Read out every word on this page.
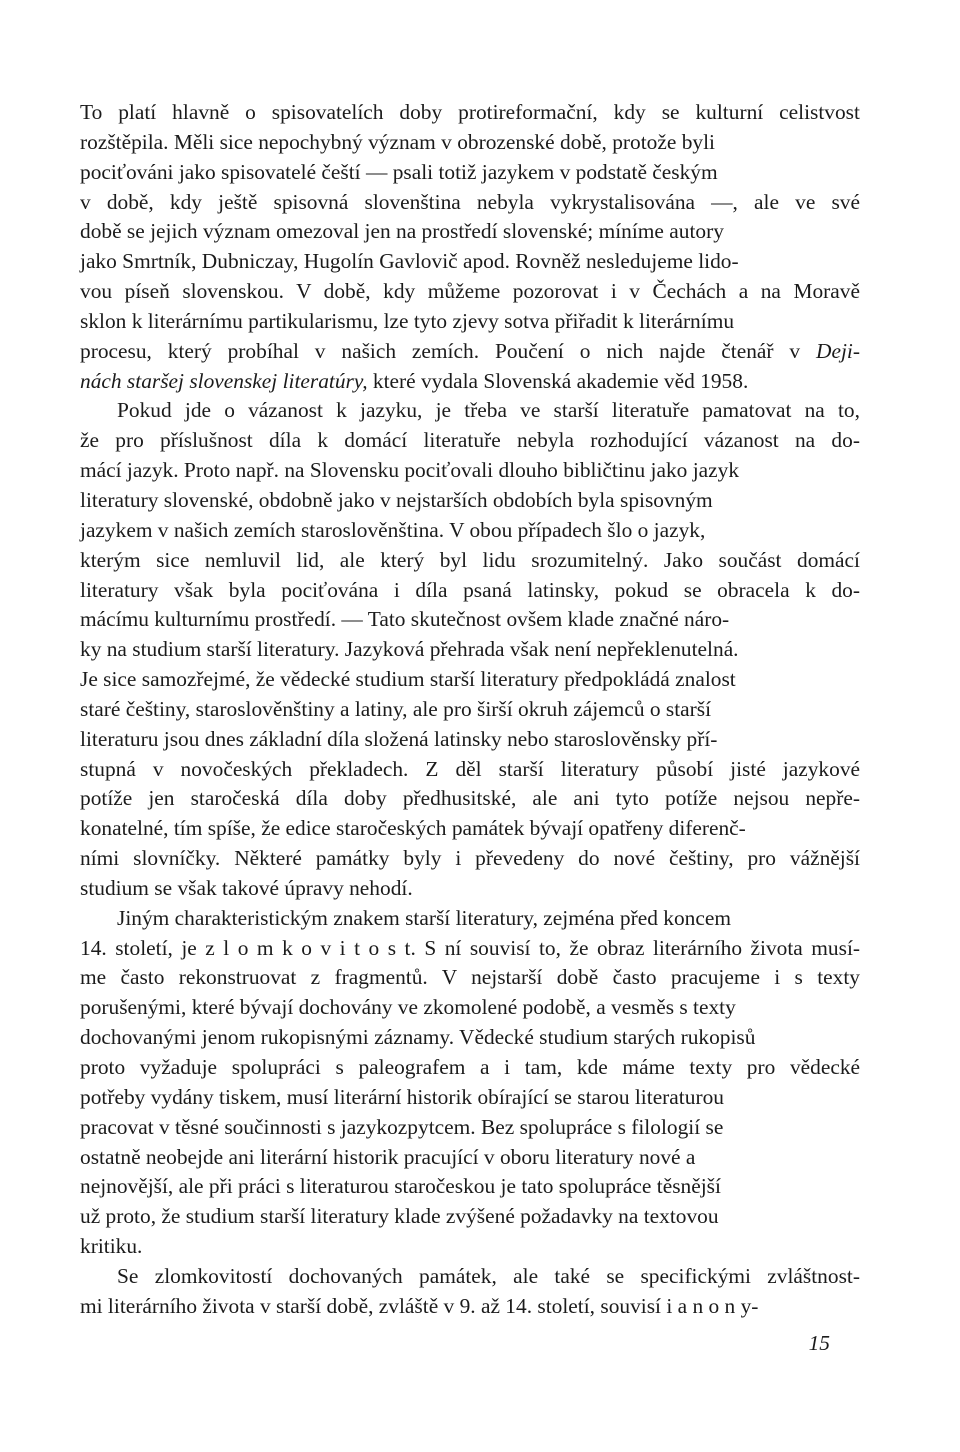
To platí hlavně o spisovatelích doby protireformační, kdy se kulturní celistvost
rozštěpila. Měli sice nepochybný význam v obrozenské době, protože byli
pociťováni jako spisovatelé čeští — psali totiž jazykem v podstatě českým
v době, kdy ještě spisovná slovenština nebyla vykrystalisována —, ale ve své
době se jejich význam omezoval jen na prostředí slovenské; míníme autory
jako Smrtník, Dubniczay, Hugolín Gavlovič apod. Rovněž nesledujeme lido-
vou píseň slovenskou. V době, kdy můžeme pozorovat i v Čechách a na Moravě
sklon k literárnímu partikularismu, lze tyto zjevy sotva přiřadit k literárnímu
procesu, který probíhal v našich zemích. Poučení o nich najde čtenář v Deji-
nách staršej slovenskej literatúry, které vydala Slovenská akademie věd 1958.
Pokud jde o vázanost k jazyku, je třeba ve starší literatuře pamatovat na to,
že pro příslušnost díla k domácí literatuře nebyla rozhodující vázanost na do-
mácí jazyk. Proto např. na Slovensku pociťovali dlouho bibličtinu jako jazyk
literatury slovenské, obdobně jako v nejstarších obdobích byla spisovným
jazykem v našich zemích staroslověnština. V obou případech šlo o jazyk,
kterým sice nemluvil lid, ale který byl lidu srozumitelný. Jako součást domácí
literatury však byla pociťována i díla psaná latinsky, pokud se obracela k do-
mácímu kulturnímu prostředí. — Tato skutečnost ovšem klade značné náro-
ky na studium starší literatury. Jazyková přehrada však není nepřeklenutelná.
Je sice samozřejmé, že vědecké studium starší literatury předpokládá znalost
staré češtiny, staroslověnštiny a latiny, ale pro širší okruh zájemců o starší
literaturu jsou dnes základní díla složená latinsky nebo staroslověnsky pří-
stupná v novočeských překladech. Z děl starší literatury působí jisté jazykové
potíže jen staročeská díla doby předhusitské, ale ani tyto potíže nejsou nepře-
konatelné, tím spíše, že edice staročeských památek bývají opatřeny diferenč-
ními slovníčky. Některé památky byly i převedeny do nové češtiny, pro vážnější
studium se však takové úpravy nehodí.
Jiným charakteristickým znakem starší literatury, zejména před koncem
14. století, je z l o m k o v i t o s t. S ní souvisí to, že obraz literárního života musí-
me často rekonstruovat z fragmentů. V nejstarší době často pracujeme i s texty
porušenými, které bývají dochovány ve zkomolené podobě, a vesměs s texty
dochovanými jenom rukopisnými záznamy. Vědecké studium starých rukopisů
proto vyžaduje spolupráci s paleografem a i tam, kde máme texty pro vědecké
potřeby vydány tiskem, musí literární historik obírající se starou literaturou
pracovat v těsné součinnosti s jazykozpytcem. Bez spolupráce s filologií se
ostatně neobejde ani literární historik pracující v oboru literatury nové a
nejnovější, ale při práci s literaturou staročeskou je tato spolupráce těsnější
už proto, že studium starší literatury klade zvýšené požadavky na textovou
kritiku.
Se zlomkovitostí dochovaných památek, ale také se specifickými zvláštnost-
mi literárního života v starší době, zvláště v 9. až 14. století, souvisí i a n o n y-
15
